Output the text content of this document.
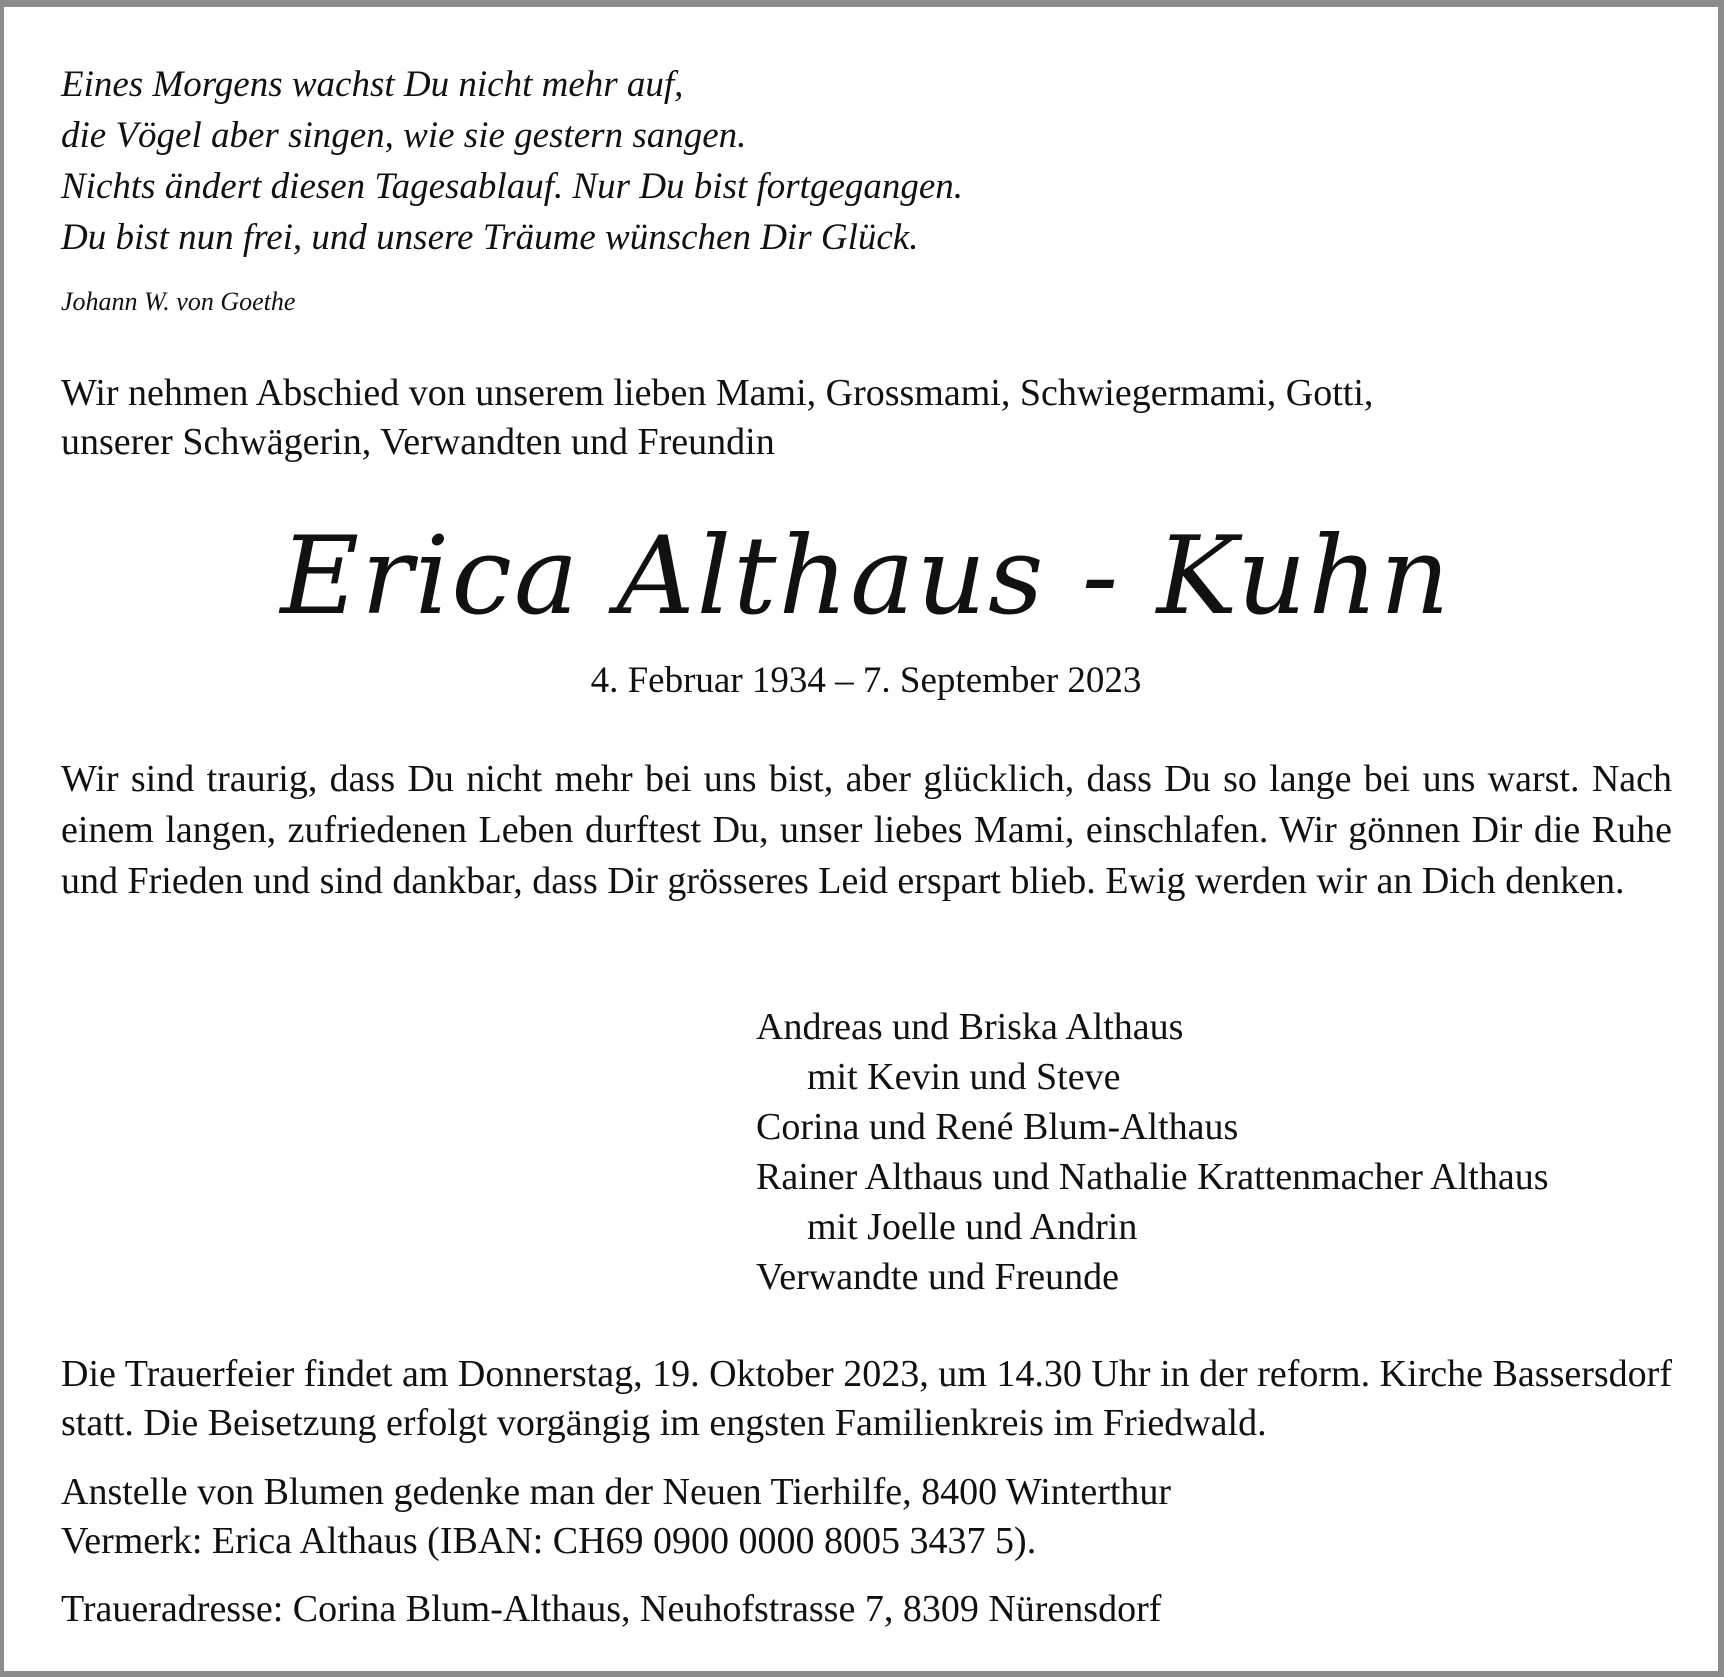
Eines Morgens wachst Du nicht mehr auf,
die Vögel aber singen, wie sie gestern sangen.
Nichts ändert diesen Tagesablauf. Nur Du bist fortgegangen.
Du bist nun frei, und unsere Träume wünschen Dir Glück.
Johann W. von Goethe
Wir nehmen Abschied von unserem lieben Mami, Grossmami, Schwiegermami, Gotti,
unserer Schwägerin, Verwandten und Freundin
Erica Althaus - Kuhn
4. Februar 1934 – 7. September 2023
Wir sind traurig, dass Du nicht mehr bei uns bist, aber glücklich, dass Du so lange bei uns warst. Nach einem langen, zufriedenen Leben durftest Du, unser liebes Mami, einschlafen. Wir gönnen Dir die Ruhe und Frieden und sind dankbar, dass Dir grösseres Leid erspart blieb. Ewig werden wir an Dich denken.
Andreas und Briska Althaus
mit Kevin und Steve
Corina und René Blum-Althaus
Rainer Althaus und Nathalie Krattenmacher Althaus
mit Joelle und Andrin
Verwandte und Freunde
Die Trauerfeier findet am Donnerstag, 19. Oktober 2023, um 14.30 Uhr in der reform. Kirche Bassersdorf statt. Die Beisetzung erfolgt vorgängig im engsten Familienkreis im Friedwald.
Anstelle von Blumen gedenke man der Neuen Tierhilfe, 8400 Winterthur
Vermerk: Erica Althaus (IBAN: CH69 0900 0000 8005 3437 5).
Traueradresse: Corina Blum-Althaus, Neuhofstrasse 7, 8309 Nürensdorf
